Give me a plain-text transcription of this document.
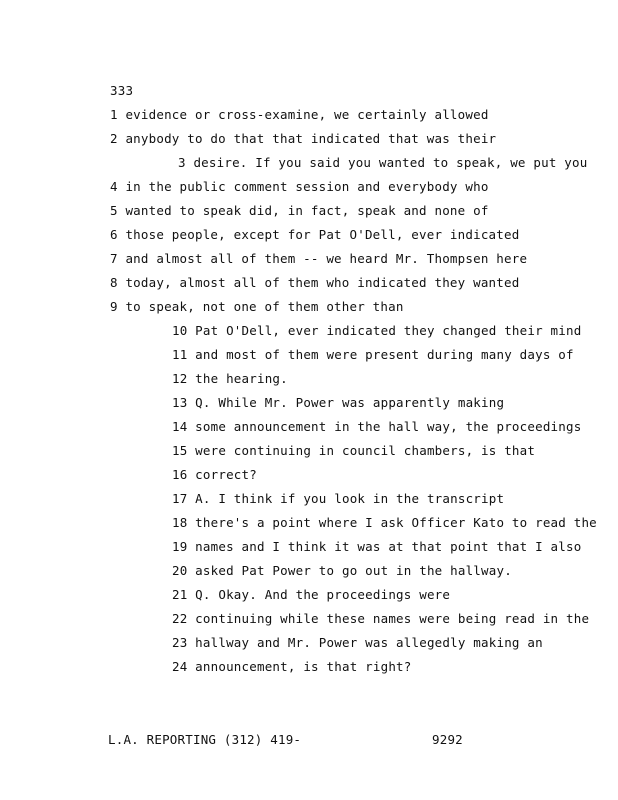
333
1 evidence or cross-examine, we certainly allowed
2 anybody to do that that indicated that was their
3 desire. If you said you wanted to speak, we put you
4 in the public comment session and everybody who
5 wanted to speak did, in fact, speak and none of
6 those people, except for Pat O'Dell, ever indicated
7 and almost all of them -- we heard Mr. Thompsen here
8 today, almost all of them who indicated they wanted
9 to speak, not one of them other than
10 Pat O'Dell, ever indicated they changed their mind
11 and most of them were present during many days of
12 the hearing.
13 Q. While Mr. Power was apparently making
14 some announcement in the hall way, the proceedings
15 were continuing in council chambers, is that
16 correct?
17 A. I think if you look in the transcript
18 there's a point where I ask Officer Kato to read the
19 names and I think it was at that point that I also
20 asked Pat Power to go out in the hallway.
21 Q. Okay. And the proceedings were
22 continuing while these names were being read in the
23 hallway and Mr. Power was allegedly making an
24 announcement, is that right?
L.A. REPORTING (312) 419-	9292
